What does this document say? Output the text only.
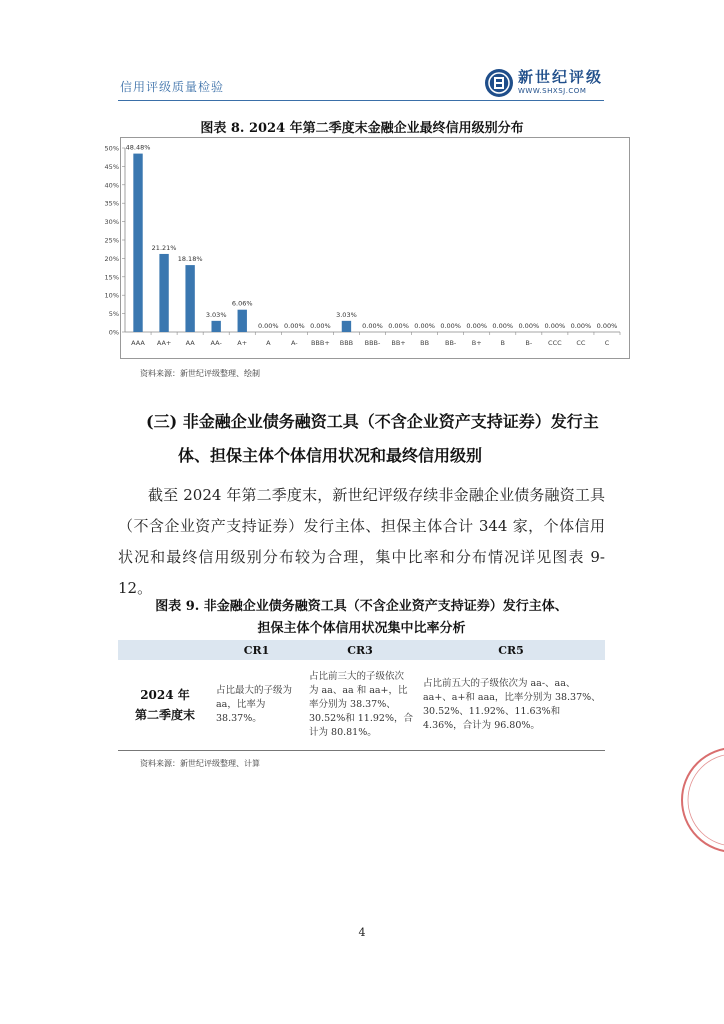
信用评级质量检验
新世纪评级
WWW.SHXSJ.COM
图表 8. 2024 年第二季度末金融企业最终信用级别分布
0%
5%
10%
15%
20%
25%
30%
35%
40%
45%
50% 48.48%
AAA
21.21%
AA+
18.18%
AA
3.03%
AA-
6.06%
A+
0.00%
A
0.00%
A-
0.00%
BBB+
3.03%
BBB
0.00%
BBB-
0.00%
BB+
0.00%
BB
0.00%
BB-
0.00%
B+
0.00%
B
0.00%
B-
0.00%
CCC
0.00%
CC
0.00%
C
资料来源：新世纪评级整理、绘制
(三) 非金融企业债务融资工具（不含企业资产支持证券）发行主
体、担保主体个体信用状况和最终信用级别
截至 2024 年第二季度末，新世纪评级存续非金融企业债务融资工具（不含企业资产支持证券）发行主体、担保主体合计 344 家，个体信用状况和最终信用级别分布较为合理，集中比率和分布情况详见图表 9-12。
图表 9. 非金融企业债务融资工具（不含企业资产支持证券）发行主体、
担保主体个体信用状况集中比率分析
	CR1	CR3	CR5

2024 年
第二季度末	占比最大的子级为 aa，比率为 38.37%。	占比前三大的子级依次为 aa、aa 和 aa+，比率分别为 38.37%、30.52%和 11.92%，合计为 80.81%。	占比前五大的子级依次为 aa-、aa、aa+、a+和 aaa，比率分别为 38.37%、30.52%、11.92%、11.63%和 4.36%，合计为 96.80%。
资料来源：新世纪评级整理、计算
4
